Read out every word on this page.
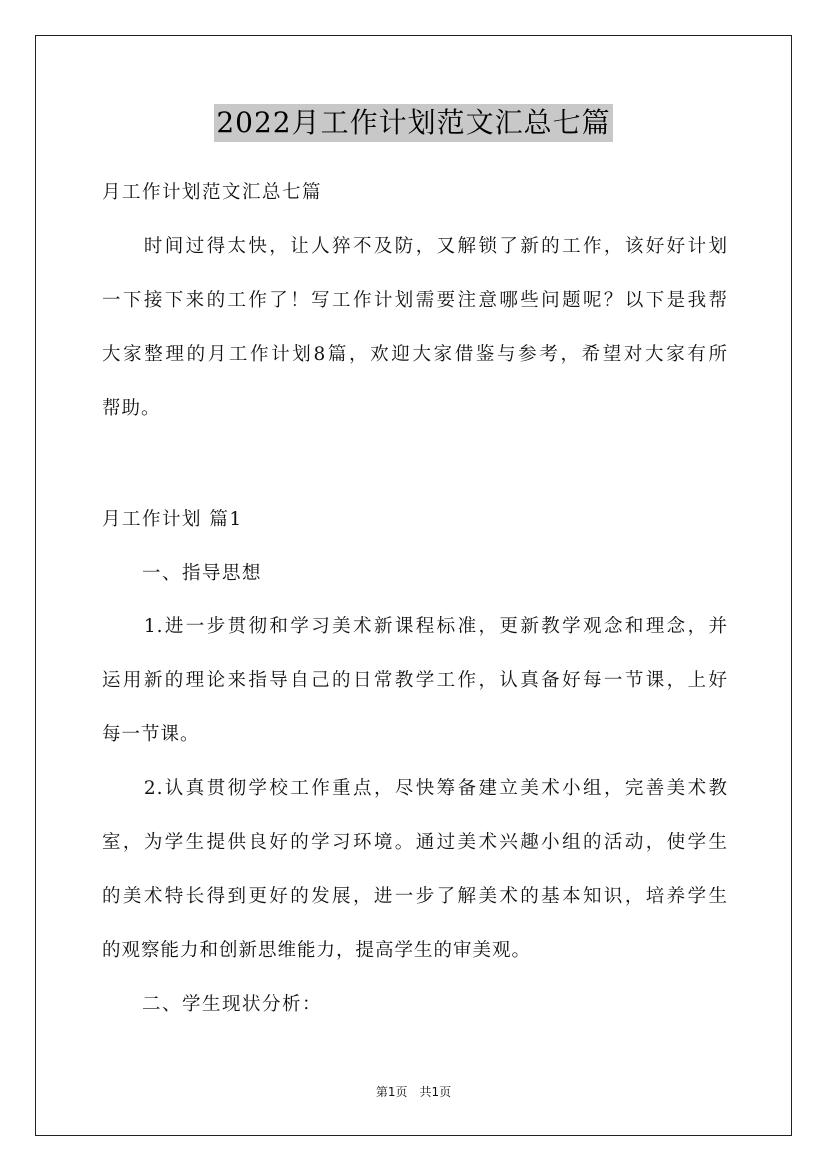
2022月工作计划范文汇总七篇
月工作计划范文汇总七篇
　　时间过得太快，让人猝不及防，又解锁了新的工作，该好好计划
一下接下来的工作了！写工作计划需要注意哪些问题呢？以下是我帮
大家整理的月工作计划8篇，欢迎大家借鉴与参考，希望对大家有所
帮助。
月工作计划 篇1
　　一、指导思想
　　1.进一步贯彻和学习美术新课程标准，更新教学观念和理念，并
运用新的理论来指导自己的日常教学工作，认真备好每一节课，上好
每一节课。
　　2.认真贯彻学校工作重点，尽快筹备建立美术小组，完善美术教
室，为学生提供良好的学习环境。通过美术兴趣小组的活动，使学生
的美术特长得到更好的发展，进一步了解美术的基本知识，培养学生
的观察能力和创新思维能力，提高学生的审美观。
　　二、学生现状分析：
第1页　共1页
